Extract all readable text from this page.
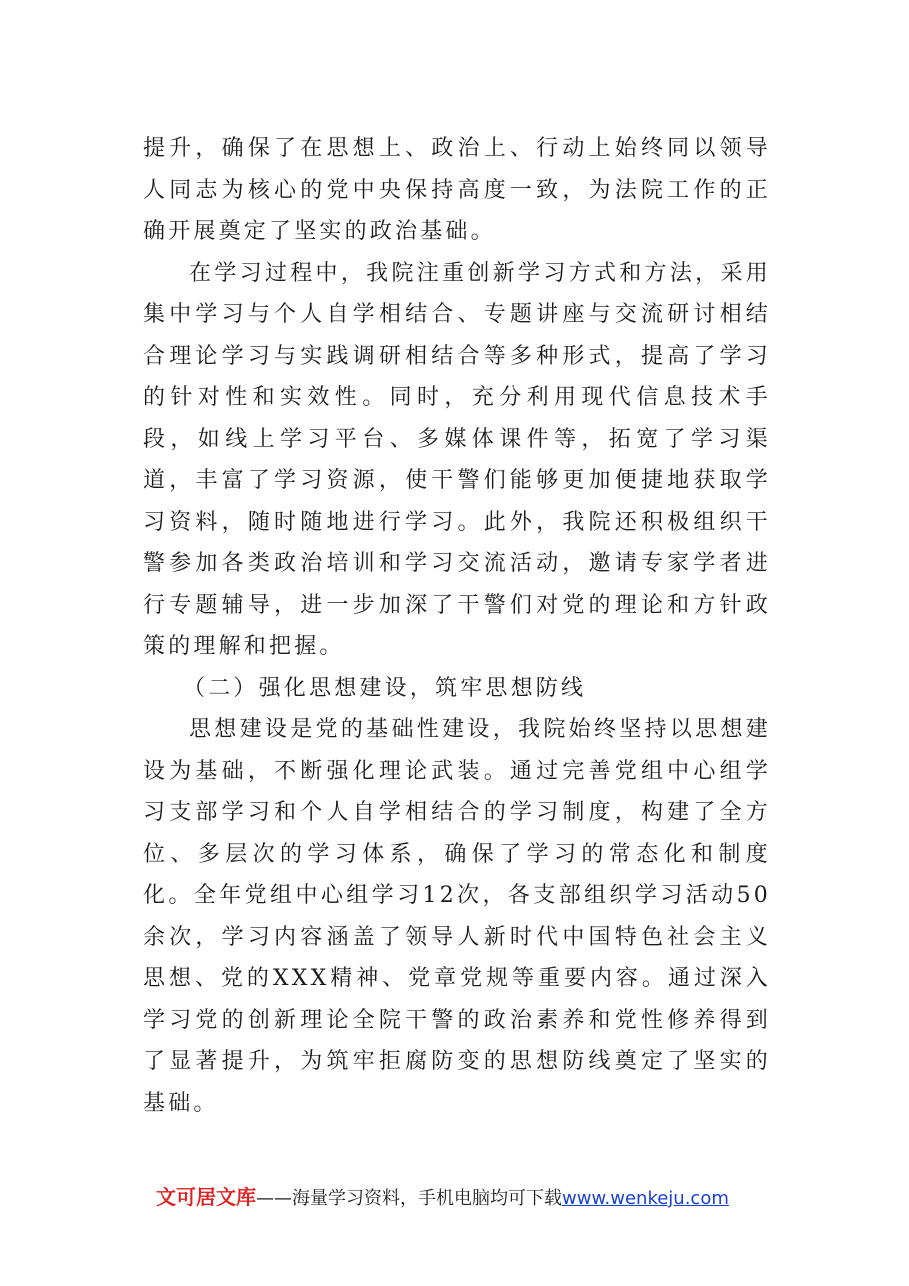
提升，确保了在思想上、政治上、行动上始终同以领导人同志为核心的党中央保持高度一致，为法院工作的正确开展奠定了坚实的政治基础。

在学习过程中，我院注重创新学习方式和方法，采用集中学习与个人自学相结合、专题讲座与交流研讨相结合理论学习与实践调研相结合等多种形式，提高了学习的针对性和实效性。同时，充分利用现代信息技术手段，如线上学习平台、多媒体课件等，拓宽了学习渠道，丰富了学习资源，使干警们能够更加便捷地获取学习资料，随时随地进行学习。此外，我院还积极组织干警参加各类政治培训和学习交流活动，邀请专家学者进行专题辅导，进一步加深了干警们对党的理论和方针政策的理解和把握。

（二）强化思想建设，筑牢思想防线

思想建设是党的基础性建设，我院始终坚持以思想建设为基础，不断强化理论武装。通过完善党组中心组学习支部学习和个人自学相结合的学习制度，构建了全方位、多层次的学习体系，确保了学习的常态化和制度化。全年党组中心组学习12次，各支部组织学习活动50余次，学习内容涵盖了领导人新时代中国特色社会主义思想、党的XXX精神、党章党规等重要内容。通过深入学习党的创新理论全院干警的政治素养和党性修养得到了显著提升，为筑牢拒腐防变的思想防线奠定了坚实的基础。

文可居文库——海量学习资料，手机电脑均可下载www.wenkeju.com
